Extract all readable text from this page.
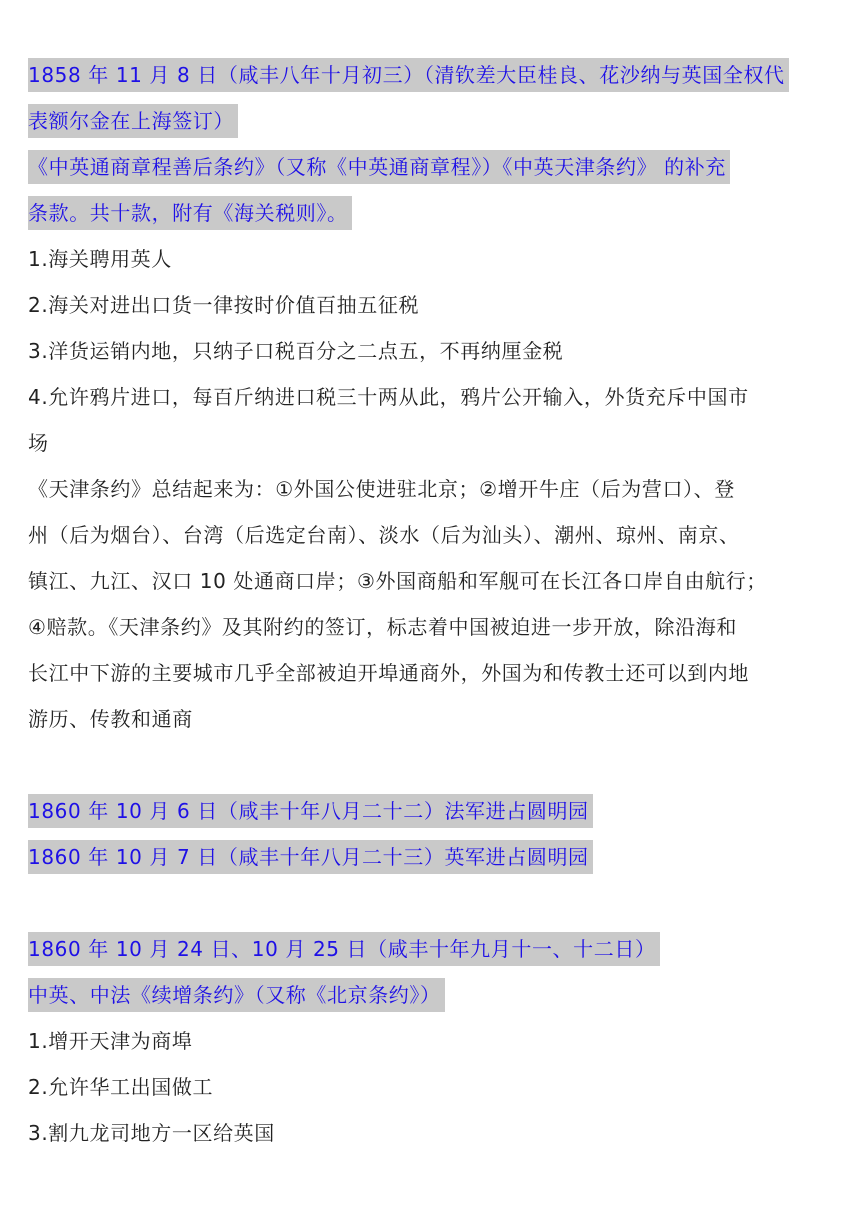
1858 年 11 月 8 日（咸丰八年十月初三）（清钦差大臣桂良、花沙纳与英国全权代
表额尔金在上海签订）
《中英通商章程善后条约》（又称《中英通商章程》）《中英天津条约》 的补充
条款。共十款，附有《海关税则》。
1.海关聘用英人
2.海关对进出口货一律按时价值百抽五征税
3.洋货运销内地，只纳子口税百分之二点五，不再纳厘金税
4.允许鸦片进口，每百斤纳进口税三十两从此，鸦片公开输入，外货充斥中国市
场
《天津条约》总结起来为：①外国公使进驻北京；②增开牛庄（后为营口）、登
州（后为烟台）、台湾（后选定台南）、淡水（后为汕头）、潮州、琼州、南京、
镇江、九江、汉口 10 处通商口岸；③外国商船和军舰可在长江各口岸自由航行；
④赔款。《天津条约》及其附约的签订，标志着中国被迫进一步开放，除沿海和
长江中下游的主要城市几乎全部被迫开埠通商外，外国为和传教士还可以到内地
游历、传教和通商
1860 年 10 月 6 日（咸丰十年八月二十二）法军进占圆明园
1860 年 10 月 7 日（咸丰十年八月二十三）英军进占圆明园
1860 年 10 月 24 日、10 月 25 日（咸丰十年九月十一、十二日）
中英、中法《续增条约》（又称《北京条约》）
1.增开天津为商埠
2.允许华工出国做工
3.割九龙司地方一区给英国
